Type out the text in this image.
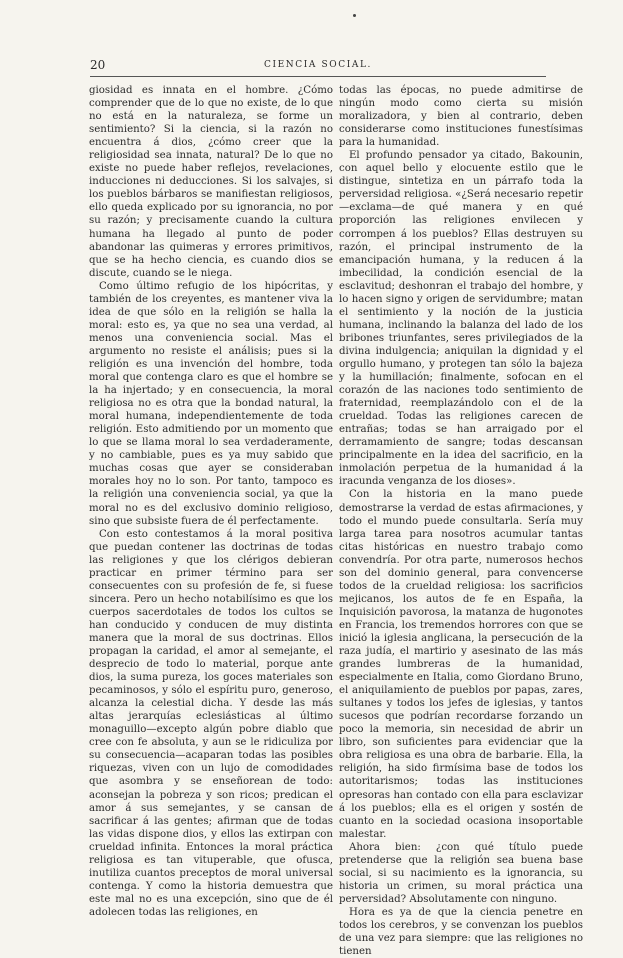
20	CIENCIA SOCIAL.

giosidad es innata en el hombre. ¿Cómo comprender que de lo que no existe, de lo que no está en la naturaleza, se forme un sentimiento? Si la ciencia, si la razón no encuentra á dios, ¿cómo creer que la religiosidad sea innata, natural? De lo que no existe no puede haber reflejos, revelaciones, inducciones ni deducciones. Si los salvajes, si los pueblos bárbaros se manifiestan religiosos, ello queda explicado por su ignorancia, no por su razón; y precisamente cuando la cultura humana ha llegado al punto de poder abandonar las quimeras y errores primitivos, que se ha hecho ciencia, es cuando dios se discute, cuando se le niega.

Como último refugio de los hipócritas, y también de los creyentes, es mantener viva la idea de que sólo en la religión se halla la moral: esto es, ya que no sea una verdad, al menos una conveniencia social. Mas el argumento no resiste el análisis; pues si la religión es una invención del hombre, toda moral que contenga claro es que el hombre se la ha injertado; y en consecuencia, la moral religiosa no es otra que la bondad natural, la moral humana, independientemente de toda religión. Esto admitiendo por un momento que lo que se llama moral lo sea verdaderamente, y no cambiable, pues es ya muy sabido que muchas cosas que ayer se consideraban morales hoy no lo son. Por tanto, tampoco es la religión una conveniencia social, ya que la moral no es del exclusivo dominio religioso, sino que subsiste fuera de él perfectamente.

Con esto contestamos á la moral positiva que puedan contener las doctrinas de todas las religiones y que los clérigos debieran practicar en primer término para ser consecuentes con su profesión de fe, si fuese sincera. Pero un hecho notabilísimo es que los cuerpos sacerdotales de todos los cultos se han conducido y conducen de muy distinta manera que la moral de sus doctrinas. Ellos propagan la caridad, el amor al semejante, el desprecio de todo lo material, porque ante dios, la suma pureza, los goces materiales son pecaminosos, y sólo el espíritu puro, generoso, alcanza la celestial dicha. Y desde las más altas jerarquías eclesiásticas al último monaguillo—excepto algún pobre diablo que cree con fe absoluta, y aun se le ridiculiza por su consecuencia—acaparan todas las posibles riquezas, viven con un lujo de comodidades que asombra y se enseñorean de todo: aconsejan la pobreza y son ricos; predican el amor á sus semejantes, y se cansan de sacrificar á las gentes; afirman que de todas las vidas dispone dios, y ellos las extirpan con crueldad infinita. Entonces la moral práctica religiosa es tan vituperable, que ofusca, inutiliza cuantos preceptos de moral universal contenga. Y como la historia demuestra que este mal no es una excepción, sino que de él adolecen todas las religiones, en

todas las épocas, no puede admitirse de ningún modo como cierta su misión moralizadora, y bien al contrario, deben considerarse como instituciones funestísimas para la humanidad.

El profundo pensador ya citado, Bakounin, con aquel bello y elocuente estilo que le distingue, sintetiza en un párrafo toda la perversidad religiosa. «¿Será necesario repetir—exclama—de qué manera y en qué proporción las religiones envilecen y corrompen á los pueblos? Ellas destruyen su razón, el principal instrumento de la emancipación humana, y la reducen á la imbecilidad, la condición esencial de la esclavitud; deshonran el trabajo del hombre, y lo hacen signo y origen de servidumbre; matan el sentimiento y la noción de la justicia humana, inclinando la balanza del lado de los bribones triunfantes, seres privilegiados de la divina indulgencia; aniquilan la dignidad y el orgullo humano, y protegen tan sólo la bajeza y la humillación; finalmente, sofocan en el corazón de las naciones todo sentimiento de fraternidad, reemplazándolo con el de la crueldad. Todas las religiones carecen de entrañas; todas se han arraigado por el derramamiento de sangre; todas descansan principalmente en la idea del sacrificio, en la inmolación perpetua de la humanidad á la iracunda venganza de los dioses».

Con la historia en la mano puede demostrarse la verdad de estas afirmaciones, y todo el mundo puede consultarla. Sería muy larga tarea para nosotros acumular tantas citas históricas en nuestro trabajo como convendría. Por otra parte, numerosos hechos son del dominio general, para convencerse todos de la crueldad religiosa: los sacrificios mejicanos, los autos de fe en España, la Inquisición pavorosa, la matanza de hugonotes en Francia, los tremendos horrores con que se inició la iglesia anglicana, la persecución de la raza judía, el martirio y asesinato de las más grandes lumbreras de la humanidad, especialmente en Italia, como Giordano Bruno, el aniquilamiento de pueblos por papas, zares, sultanes y todos los jefes de iglesias, y tantos sucesos que podrían recordarse forzando un poco la memoria, sin necesidad de abrir un libro, son suficientes para evidenciar que la obra religiosa es una obra de barbarie. Ella, la religión, ha sido firmísima base de todos los autoritarismos; todas las instituciones opresoras han contado con ella para esclavizar á los pueblos; ella es el origen y sostén de cuanto en la sociedad ocasiona insoportable malestar.

Ahora bien: ¿con qué título puede pretenderse que la religión sea buena base social, si su nacimiento es la ignorancia, su historia un crimen, su moral práctica una perversidad? Absolutamente con ninguno.

Hora es ya de que la ciencia penetre en todos los cerebros, y se convenzan los pueblos de una vez para siempre: que las religiones no tienen
